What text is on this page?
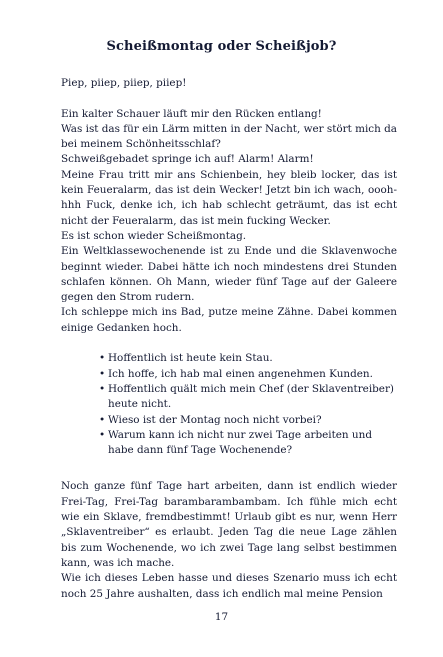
Scheißmontag oder Scheißjob?

Piep, piiep, piiep, piiep!

Ein kalter Schauer läuft mir den Rücken entlang!

Was ist das für ein Lärm mitten in der Nacht, wer stört mich da bei meinem Schönheitsschlaf?

Schweißgebadet springe ich auf! Alarm! Alarm!

Meine Frau tritt mir ans Schienbein, hey bleib locker, das ist kein Feueralarm, das ist dein Wecker! Jetzt bin ich wach, oooh-hhh Fuck, denke ich, ich hab schlecht geträumt, das ist echt nicht der Feueralarm, das ist mein fucking Wecker.

Es ist schon wieder Scheißmontag.

Ein Weltklassewochenende ist zu Ende und die Sklavenwoche beginnt wieder. Dabei hätte ich noch mindestens drei Stunden schlafen können. Oh Mann, wieder fünf Tage auf der Galeere gegen den Strom rudern.

Ich schleppe mich ins Bad, putze meine Zähne. Dabei kommen einige Gedanken hoch.

• Hoffentlich ist heute kein Stau.
• Ich hoffe, ich hab mal einen angenehmen Kunden.
• Hoffentlich quält mich mein Chef (der Sklaventreiber) heute nicht.
• Wieso ist der Montag noch nicht vorbei?
• Warum kann ich nicht nur zwei Tage arbeiten und habe dann fünf Tage Wochenende?

Noch ganze fünf Tage hart arbeiten, dann ist endlich wieder Frei-Tag, Frei-Tag barambarambambam. Ich fühle mich echt wie ein Sklave, fremdbestimmt! Urlaub gibt es nur, wenn Herr „Sklaventreiber“ es erlaubt. Jeden Tag die neue Lage zählen bis zum Wochenende, wo ich zwei Tage lang selbst bestimmen kann, was ich mache.

Wie ich dieses Leben hasse und dieses Szenario muss ich echt noch 25 Jahre aushalten, dass ich endlich mal meine Pension

17
